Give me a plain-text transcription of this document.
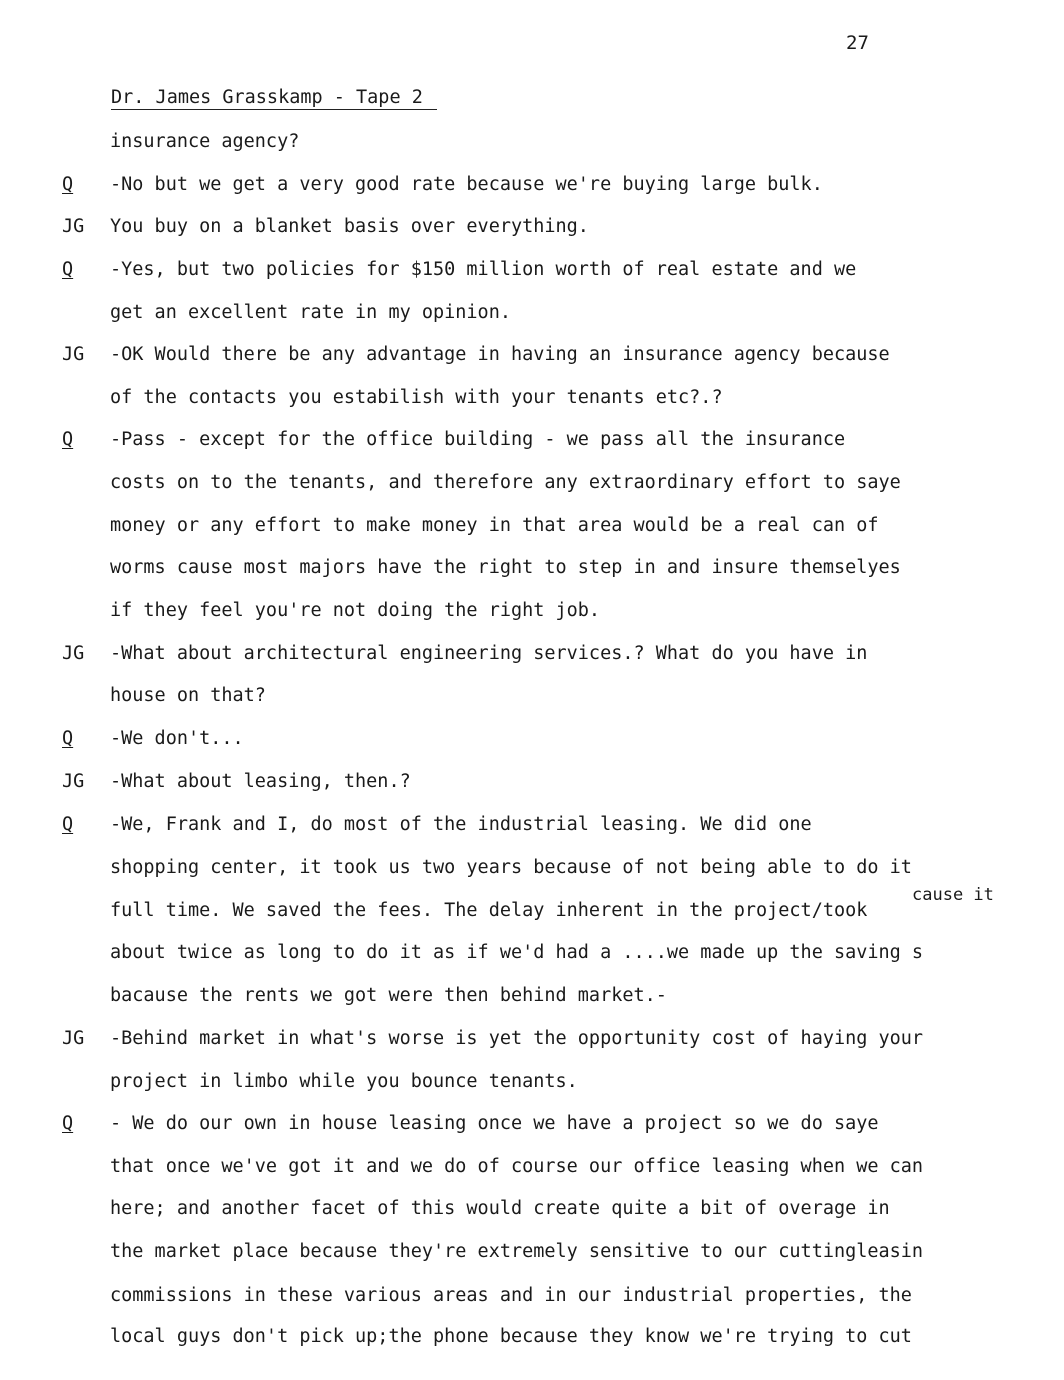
27
Dr. James Grasskamp - Tape 2
cause it
insurance agency?
Q	-No but we get a very good rate because we're buying large bulk.
JG	You buy on a blanket basis over everything.
Q	-Yes, but two policies for $150 million worth of real estate and we
get an excellent rate in my opinion.
JG	-OK Would there be any advantage in having an insurance agency because
of the contacts you estabilish with your tenants etc?.?
Q	-Pass - except for the office building - we pass all the insurance
costs on to the tenants, and therefore any extraordinary effort to saye
money or any effort to make money in that area would be a real can of
worms cause most majors have the right to step in and insure themselyes
if they feel you're not doing the right job.
JG	-What about architectural engineering services.? What do you have in
house on that?
Q	-We don't...
JG	-What about leasing, then.?
Q	-We, Frank and I, do most of the industrial leasing. We did one
shopping center, it took us two years because of not being able to do it
full time. We saved the fees. The delay inherent in the project/took
about twice as long to do it as if we'd had a ....we made up the saving s
bacause the rents we got were then behind market.-
JG	-Behind market in what's worse is yet the opportunity cost of haying your
project in limbo while you bounce tenants.
Q	- We do our own in house leasing once we have a project so we do saye
that once we've got it and we do of course our office leasing when we can
here; and another facet of this would create quite a bit of overage in
the market place because they're extremely sensitive to our cuttingleasin
commissions in these various areas and in our industrial properties, the
local guys don't pick up;the phone because they know we're trying to cut
